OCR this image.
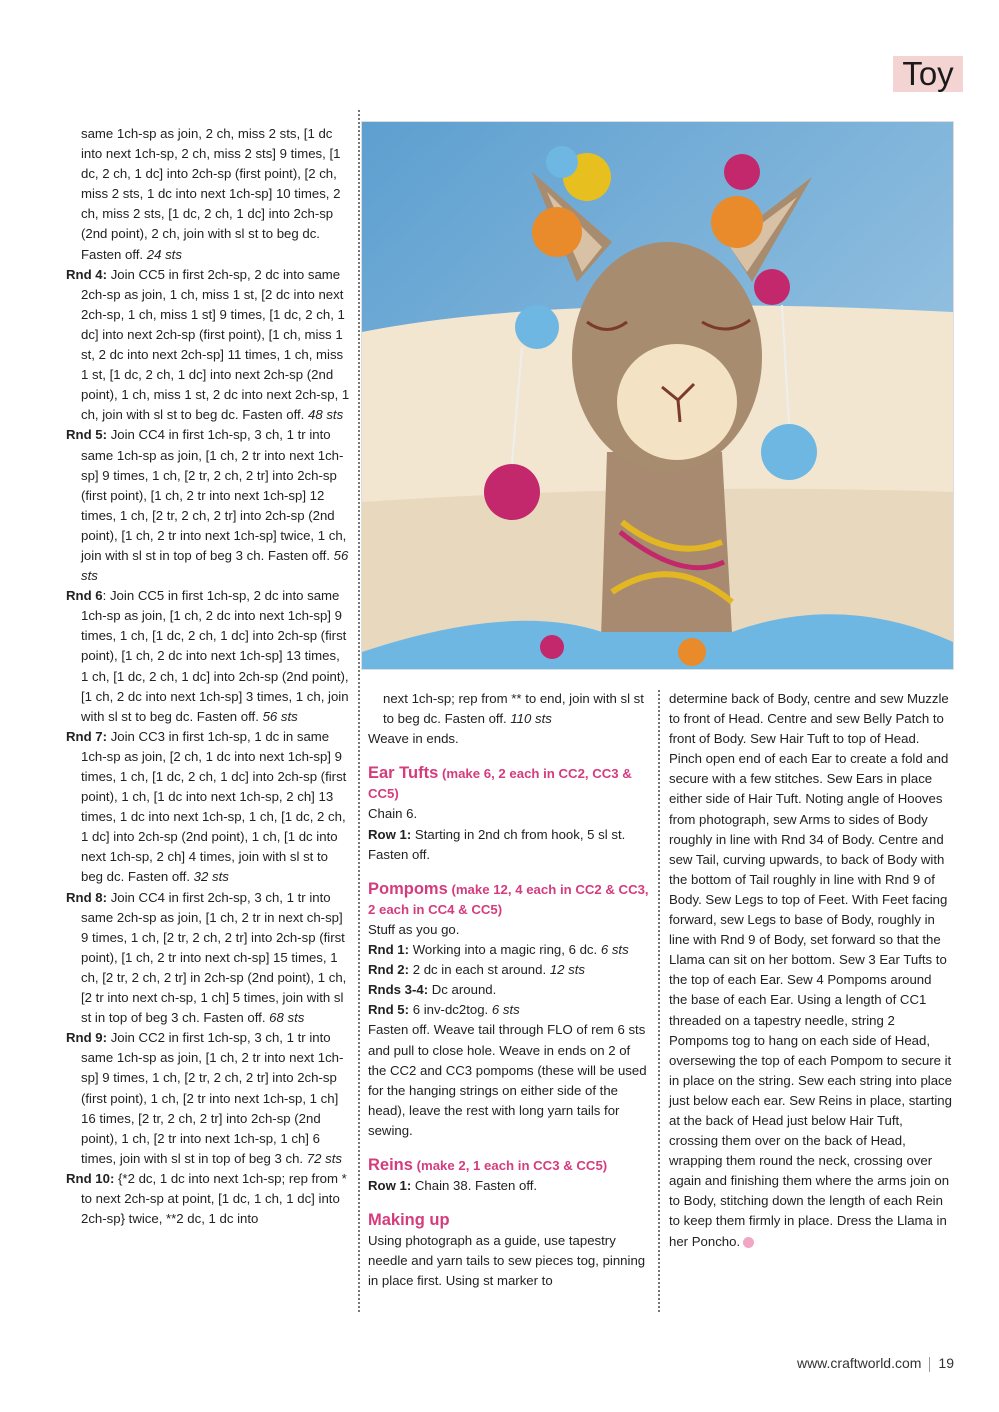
Toy

same 1ch-sp as join, 2 ch, miss 2 sts, [1 dc into next 1ch-sp, 2 ch, miss 2 sts] 9 times, [1 dc, 2 ch, 1 dc] into 2ch-sp (first point), [2 ch, miss 2 sts, 1 dc into next 1ch-sp] 10 times, 2 ch, miss 2 sts, [1 dc, 2 ch, 1 dc] into 2ch-sp (2nd point), 2 ch, join with sl st to beg dc. Fasten off. 24 sts

Rnd 4: Join CC5 in first 2ch-sp, 2 dc into same 2ch-sp as join, 1 ch, miss 1 st, [2 dc into next 2ch-sp, 1 ch, miss 1 st] 9 times, [1 dc, 2 ch, 1 dc] into next 2ch-sp (first point), [1 ch, miss 1 st, 2 dc into next 2ch-sp] 11 times, 1 ch, miss 1 st, [1 dc, 2 ch, 1 dc] into next 2ch-sp (2nd point), 1 ch, miss 1 st, 2 dc into next 2ch-sp, 1 ch, join with sl st to beg dc. Fasten off. 48 sts

Rnd 5: Join CC4 in first 1ch-sp, 3 ch, 1 tr into same 1ch-sp as join, [1 ch, 2 tr into next 1ch-sp] 9 times, 1 ch, [2 tr, 2 ch, 2 tr] into 2ch-sp (first point), [1 ch, 2 tr into next 1ch-sp] 12 times, 1 ch, [2 tr, 2 ch, 2 tr] into 2ch-sp (2nd point), [1 ch, 2 tr into next 1ch-sp] twice, 1 ch, join with sl st in top of beg 3 ch. Fasten off. 56 sts

Rnd 6: Join CC5 in first 1ch-sp, 2 dc into same 1ch-sp as join, [1 ch, 2 dc into next 1ch-sp] 9 times, 1 ch, [1 dc, 2 ch, 1 dc] into 2ch-sp (first point), [1 ch, 2 dc into next 1ch-sp] 13 times, 1 ch, [1 dc, 2 ch, 1 dc] into 2ch-sp (2nd point), [1 ch, 2 dc into next 1ch-sp] 3 times, 1 ch, join with sl st to beg dc. Fasten off. 56 sts

Rnd 7: Join CC3 in first 1ch-sp, 1 dc in same 1ch-sp as join, [2 ch, 1 dc into next 1ch-sp] 9 times, 1 ch, [1 dc, 2 ch, 1 dc] into 2ch-sp (first point), 1 ch, [1 dc into next 1ch-sp, 2 ch] 13 times, 1 dc into next 1ch-sp, 1 ch, [1 dc, 2 ch, 1 dc] into 2ch-sp (2nd point), 1 ch, [1 dc into next 1ch-sp, 2 ch] 4 times, join with sl st to beg dc. Fasten off. 32 sts

Rnd 8: Join CC4 in first 2ch-sp, 3 ch, 1 tr into same 2ch-sp as join, [1 ch, 2 tr in next ch-sp] 9 times, 1 ch, [2 tr, 2 ch, 2 tr] into 2ch-sp (first point), [1 ch, 2 tr into next ch-sp] 15 times, 1 ch, [2 tr, 2 ch, 2 tr] in 2ch-sp (2nd point), 1 ch, [2 tr into next ch-sp, 1 ch] 5 times, join with sl st in top of beg 3 ch. Fasten off. 68 sts

Rnd 9: Join CC2 in first 1ch-sp, 3 ch, 1 tr into same 1ch-sp as join, [1 ch, 2 tr into next 1ch-sp] 9 times, 1 ch, [2 tr, 2 ch, 2 tr] into 2ch-sp (first point), 1 ch, [2 tr into next 1ch-sp, 1 ch] 16 times, [2 tr, 2 ch, 2 tr] into 2ch-sp (2nd point), 1 ch, [2 tr into next 1ch-sp, 1 ch] 6 times, join with sl st in top of beg 3 ch. 72 sts

Rnd 10: {*2 dc, 1 dc into next 1ch-sp; rep from * to next 2ch-sp at point, [1 dc, 1 ch, 1 dc] into 2ch-sp} twice, **2 dc, 1 dc into

next 1ch-sp; rep from ** to end, join with sl st to beg dc. Fasten off. 110 sts

Weave in ends.

Ear Tufts (make 6, 2 each in CC2, CC3 & CC5)

Chain 6.

Row 1: Starting in 2nd ch from hook, 5 sl st. Fasten off.

Pompoms (make 12, 4 each in CC2 & CC3, 2 each in CC4 & CC5)

Stuff as you go.

Rnd 1: Working into a magic ring, 6 dc. 6 sts

Rnd 2: 2 dc in each st around. 12 sts

Rnds 3-4: Dc around.

Rnd 5: 6 inv-dc2tog. 6 sts

Fasten off. Weave tail through FLO of rem 6 sts and pull to close hole. Weave in ends on 2 of the CC2 and CC3 pompoms (these will be used for the hanging strings on either side of the head), leave the rest with long yarn tails for sewing.

Reins (make 2, 1 each in CC3 & CC5)

Row 1: Chain 38. Fasten off.

Making up

Using photograph as a guide, use tapestry needle and yarn tails to sew pieces tog, pinning in place first. Using st marker to

determine back of Body, centre and sew Muzzle to front of Head. Centre and sew Belly Patch to front of Body. Sew Hair Tuft to top of Head. Pinch open end of each Ear to create a fold and secure with a few stitches. Sew Ears in place either side of Hair Tuft. Noting angle of Hooves from photograph, sew Arms to sides of Body roughly in line with Rnd 34 of Body. Centre and sew Tail, curving upwards, to back of Body with the bottom of Tail roughly in line with Rnd 9 of Body. Sew Legs to top of Feet. With Feet facing forward, sew Legs to base of Body, roughly in line with Rnd 9 of Body, set forward so that the Llama can sit on her bottom. Sew 3 Ear Tufts to the top of each Ear. Sew 4 Pompoms around the base of each Ear. Using a length of CC1 threaded on a tapestry needle, string 2 Pompoms tog to hang on each side of Head, oversewing the top of each Pompom to secure it in place on the string. Sew each string into place just below each ear. Sew Reins in place, starting at the back of Head just below Hair Tuft, crossing them over on the back of Head, wrapping them round the neck, crossing over again and finishing them where the arms join on to Body, stitching down the length of each Rein to keep them firmly in place. Dress the Llama in her Poncho.

www.craftworld.com 19
